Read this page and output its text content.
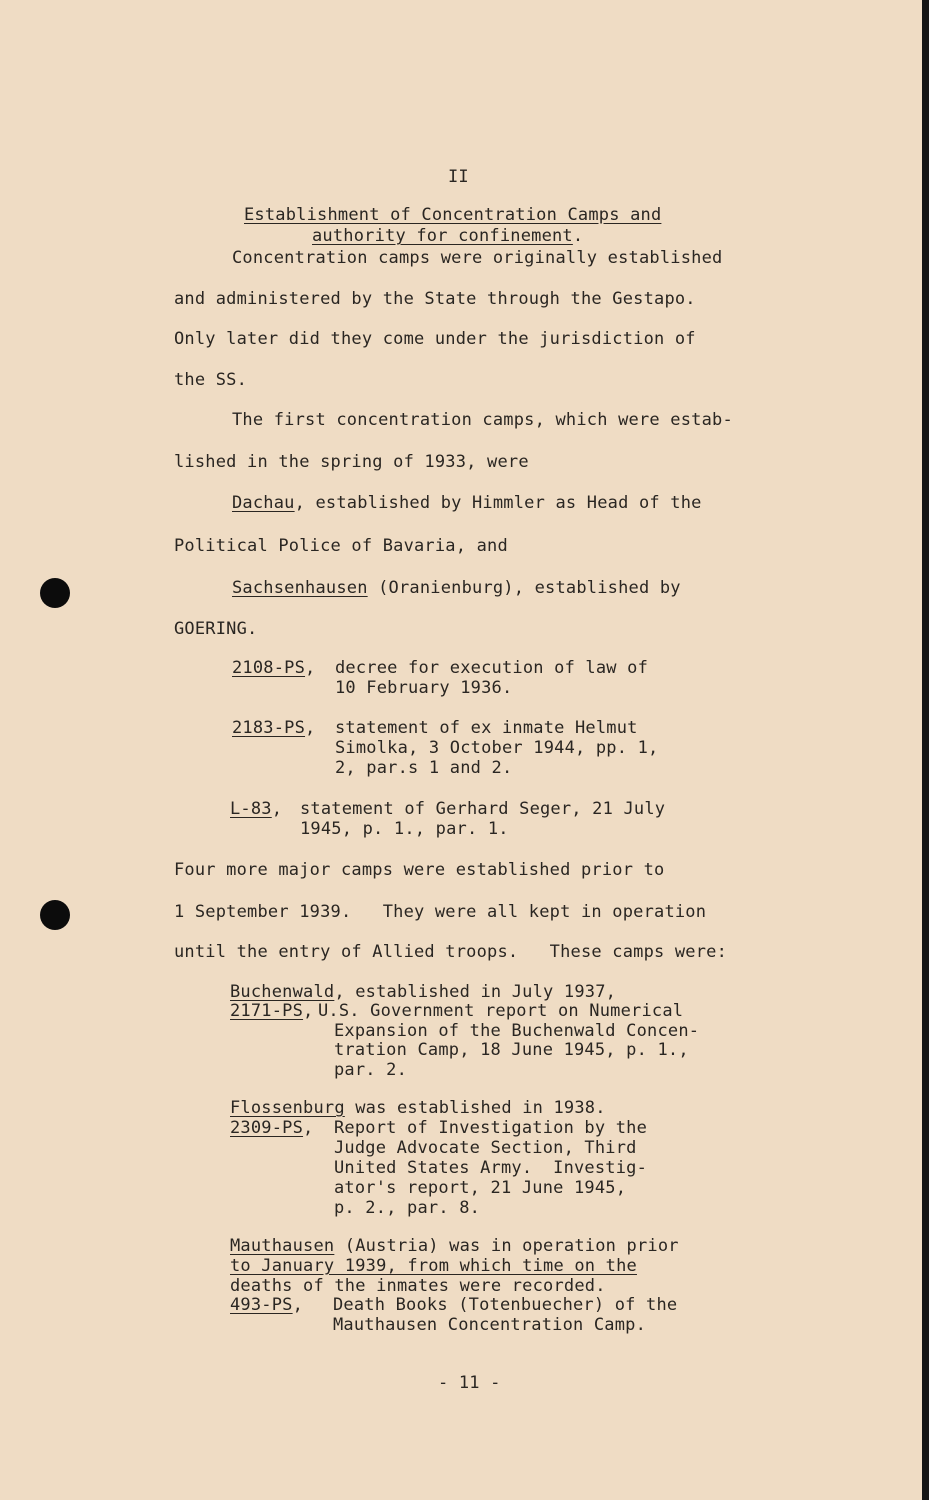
II

Establishment of Concentration Camps and

authority for confinement.

Concentration camps were originally established

and administered by the State through the Gestapo.

Only later did they come under the jurisdiction of

the SS.

The first concentration camps, which were estab-

lished in the spring of 1933, were

Dachau, established by Himmler as Head of the

Political Police of Bavaria, and

Sachsenhausen (Oranienburg), established by

GOERING.

2108-PS, decree for execution of law of

10 February 1936.

2183-PS, statement of ex inmate Helmut

Simolka, 3 October 1944, pp. 1,

2, par.s 1 and 2.

L-83, statement of Gerhard Seger, 21 July

1945, p. 1., par. 1.

Four more major camps were established prior to

1 September 1939.   They were all kept in operation

until the entry of Allied troops.   These camps were:

Buchenwald, established in July 1937,

2171-PS, U.S. Government report on Numerical

Expansion of the Buchenwald Concen-

tration Camp, 18 June 1945, p. 1.,

par. 2.

Flossenburg was established in 1938.

2309-PS, Report of Investigation by the

Judge Advocate Section, Third

United States Army.  Investig-

ator's report, 21 June 1945,

p. 2., par. 8.

Mauthausen (Austria) was in operation prior

to January 1939, from which time on the

deaths of the inmates were recorded.

493-PS, Death Books (Totenbuecher) of the

Mauthausen Concentration Camp.

- 11 -
